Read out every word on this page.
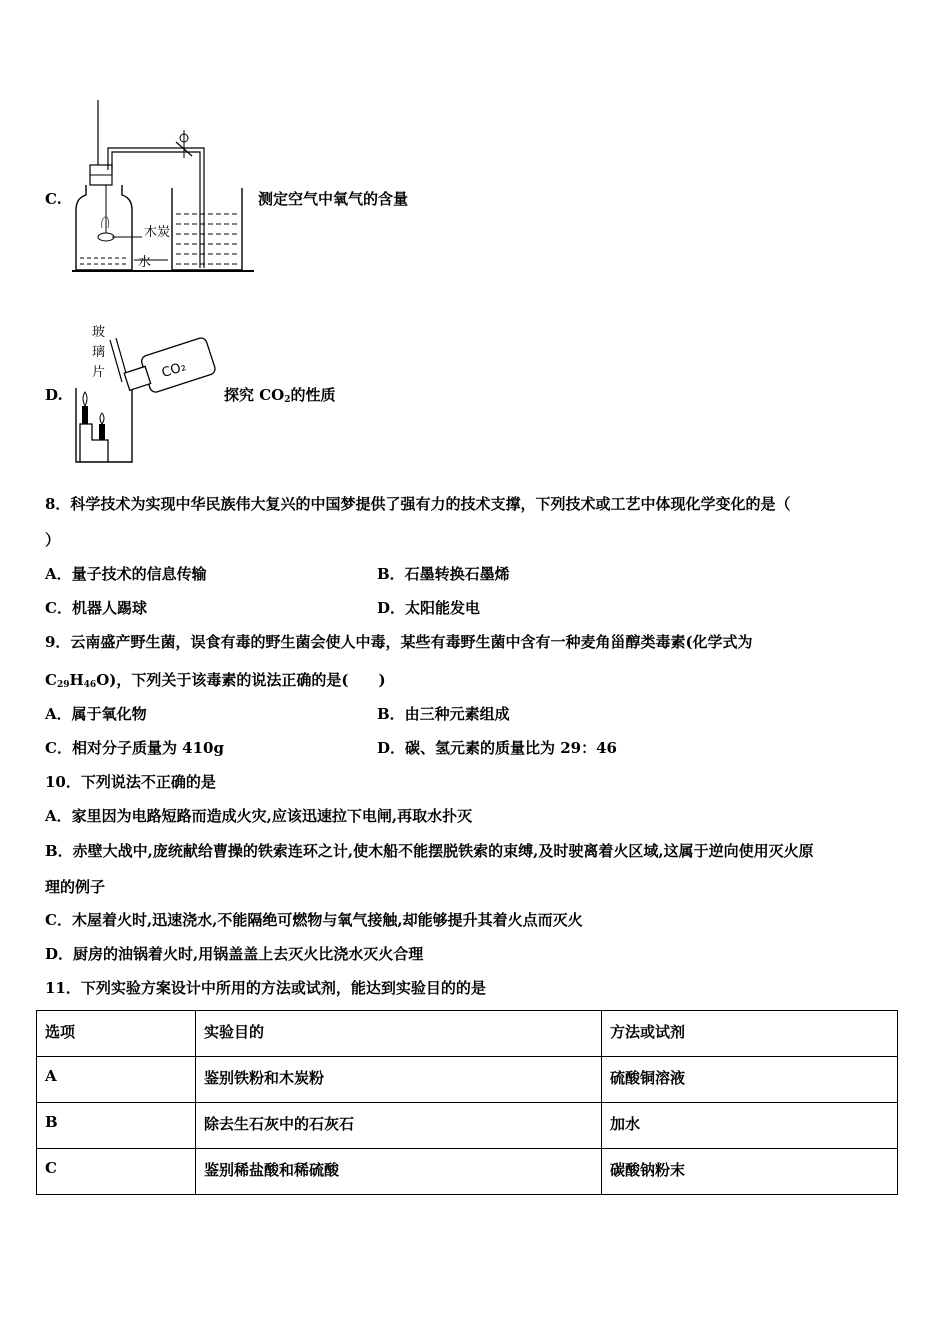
C.
木炭
水
测定空气中氧气的含量
D.
玻
璃
片	CO₂
探究 $CO_2$的性质
8．科学技术为实现中华民族伟大复兴的中国梦提供了强有力的技术支撑，下列技术或工艺中体现化学变化的是（
）
A．量子技术的信息传输	B．石墨转换石墨烯
C．机器人踢球	D．太阳能发电
9．云南盛产野生菌，误食有毒的野生菌会使人中毒，某些有毒野生菌中含有一种麦角甾醇类毒素(化学式为
$C_{29}H_{46}O$)，下列关于该毒素的说法正确的是(　　)
A．属于氧化物	B．由三种元素组成
C．相对分子质量为 410g	D．碳、氢元素的质量比为 29：46
10．下列说法不正确的是
A．家里因为电路短路而造成火灾,应该迅速拉下电闸,再取水扑灭
B．赤壁大战中,庞统献给曹操的铁索连环之计,使木船不能摆脱铁索的束缚,及时驶离着火区域,这属于逆向使用灭火原
理的例子
C．木屋着火时,迅速浇水,不能隔绝可燃物与氧气接触,却能够提升其着火点而灭火
D．厨房的油锅着火时,用锅盖盖上去灭火比浇水灭火合理
11．下列实验方案设计中所用的方法或试剂，能达到实验目的的是
选项	实验目的	方法或试剂
A	鉴别铁粉和木炭粉	硫酸铜溶液
B	除去生石灰中的石灰石	加水
C	鉴别稀盐酸和稀硫酸	碳酸钠粉末
